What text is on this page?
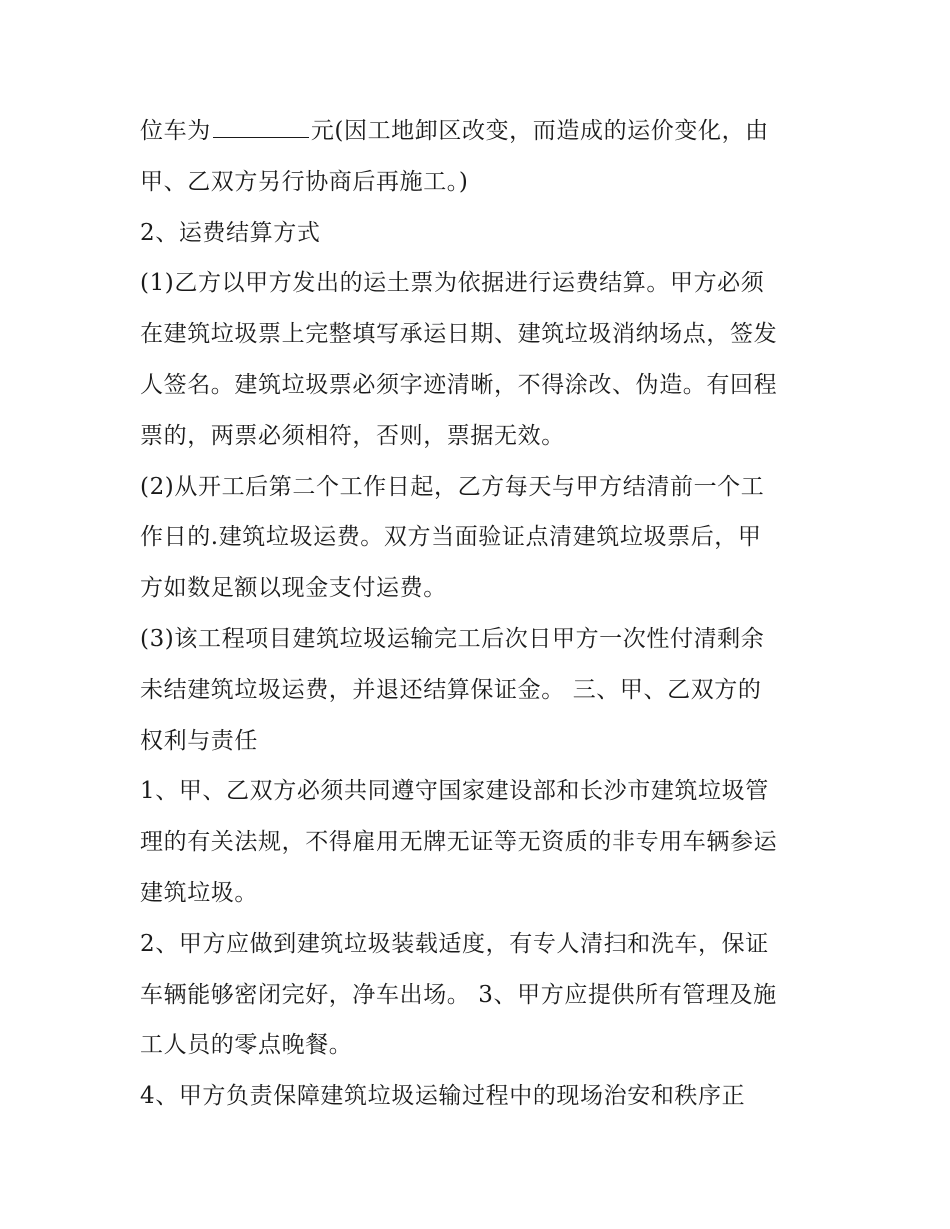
位车为	元(因工地卸区改变，而造成的运价变化，由
甲、乙双方另行协商后再施工。)
2、运费结算方式
(1)乙方以甲方发出的运土票为依据进行运费结算。甲方必须
在建筑垃圾票上完整填写承运日期、建筑垃圾消纳场点，签发
人签名。建筑垃圾票必须字迹清晰，不得涂改、伪造。有回程
票的，两票必须相符，否则，票据无效。
(2)从开工后第二个工作日起，乙方每天与甲方结清前一个工
作日的.建筑垃圾运费。双方当面验证点清建筑垃圾票后，甲
方如数足额以现金支付运费。
(3)该工程项目建筑垃圾运输完工后次日甲方一次性付清剩余
未结建筑垃圾运费，并退还结算保证金。 三、甲、乙双方的
权利与责任
1、甲、乙双方必须共同遵守国家建设部和长沙市建筑垃圾管
理的有关法规，不得雇用无牌无证等无资质的非专用车辆参运
建筑垃圾。
2、甲方应做到建筑垃圾装载适度，有专人清扫和洗车，保证
车辆能够密闭完好，净车出场。 3、甲方应提供所有管理及施
工人员的零点晚餐。
4、甲方负责保障建筑垃圾运输过程中的现场治安和秩序正
